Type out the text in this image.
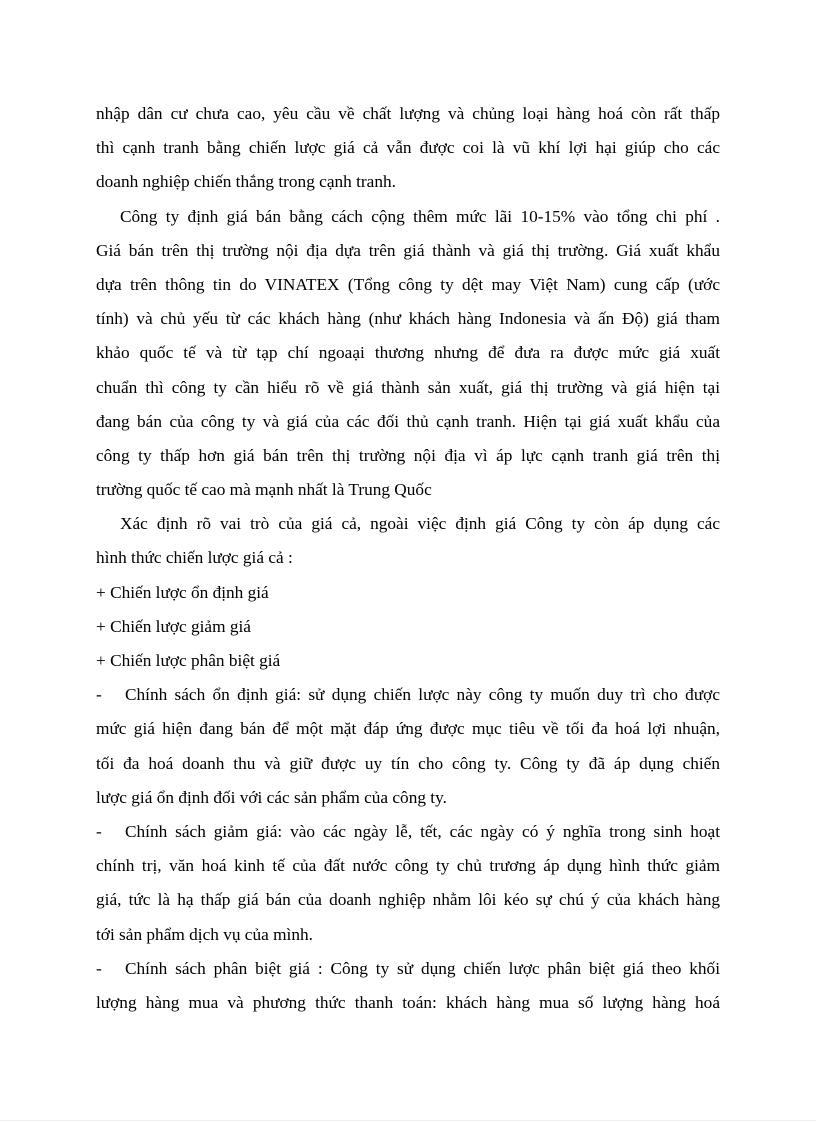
nhập dân cư chưa cao, yêu cầu về chất lượng và chủng loại hàng hoá còn rất thấp
thì cạnh tranh bằng chiến lược giá cả vẫn được coi là vũ khí lợi hại giúp cho các
doanh nghiệp chiến thắng trong cạnh tranh.
Công ty định giá bán bằng cách cộng thêm mức lãi 10-15% vào tổng chi phí .
Giá bán trên thị trường nội địa dựa trên giá thành và giá thị trường. Giá xuất khẩu
dựa trên thông tin do VINATEX (Tổng công ty dệt may Việt Nam) cung cấp (ước
tính) và chủ yếu từ các khách hàng (như khách hàng Indonesia và ấn Độ) giá tham
khảo quốc tế và từ tạp chí ngoaại thương nhưng để đưa ra được mức giá xuất
chuẩn thì công ty cần hiểu rõ về giá thành sản xuất, giá thị trường và giá hiện tại
đang bán của công ty và giá của các đối thủ cạnh tranh. Hiện tại giá xuất khẩu của
công ty thấp hơn giá bán trên thị trường nội địa vì áp lực cạnh tranh giá trên thị
trường quốc tế cao mà mạnh nhất là Trung Quốc
Xác định rõ vai trò của giá cả, ngoài việc định giá Công ty còn áp dụng các
hình thức chiến lược giá cả :
+ Chiến lược ổn định giá
+ Chiến lược giảm giá
+ Chiến lược phân biệt giá
-	Chính sách ổn định giá: sử dụng chiến lược này công ty muốn duy trì cho được
mức giá hiện đang bán để một mặt đáp ứng được mục tiêu về tối đa hoá lợi nhuận,
tối đa hoá doanh thu và giữ được uy tín cho công ty. Công ty đã áp dụng chiến
lược giá ổn định đối với các sản phẩm của công ty.
-	Chính sách giảm giá: vào các ngày lễ, tết, các ngày có ý nghĩa trong sinh hoạt
chính trị, văn hoá kinh tế của đất nước công ty chủ trương áp dụng hình thức giảm
giá, tức là hạ thấp giá bán của doanh nghiệp nhằm lôi kéo sự chú ý của khách hàng
tới sản phẩm dịch vụ của mình.
-	Chính sách phân biệt giá : Công ty sử dụng chiến lược phân biệt giá theo khối
lượng hàng mua và phương thức thanh toán: khách hàng mua số lượng hàng hoá
